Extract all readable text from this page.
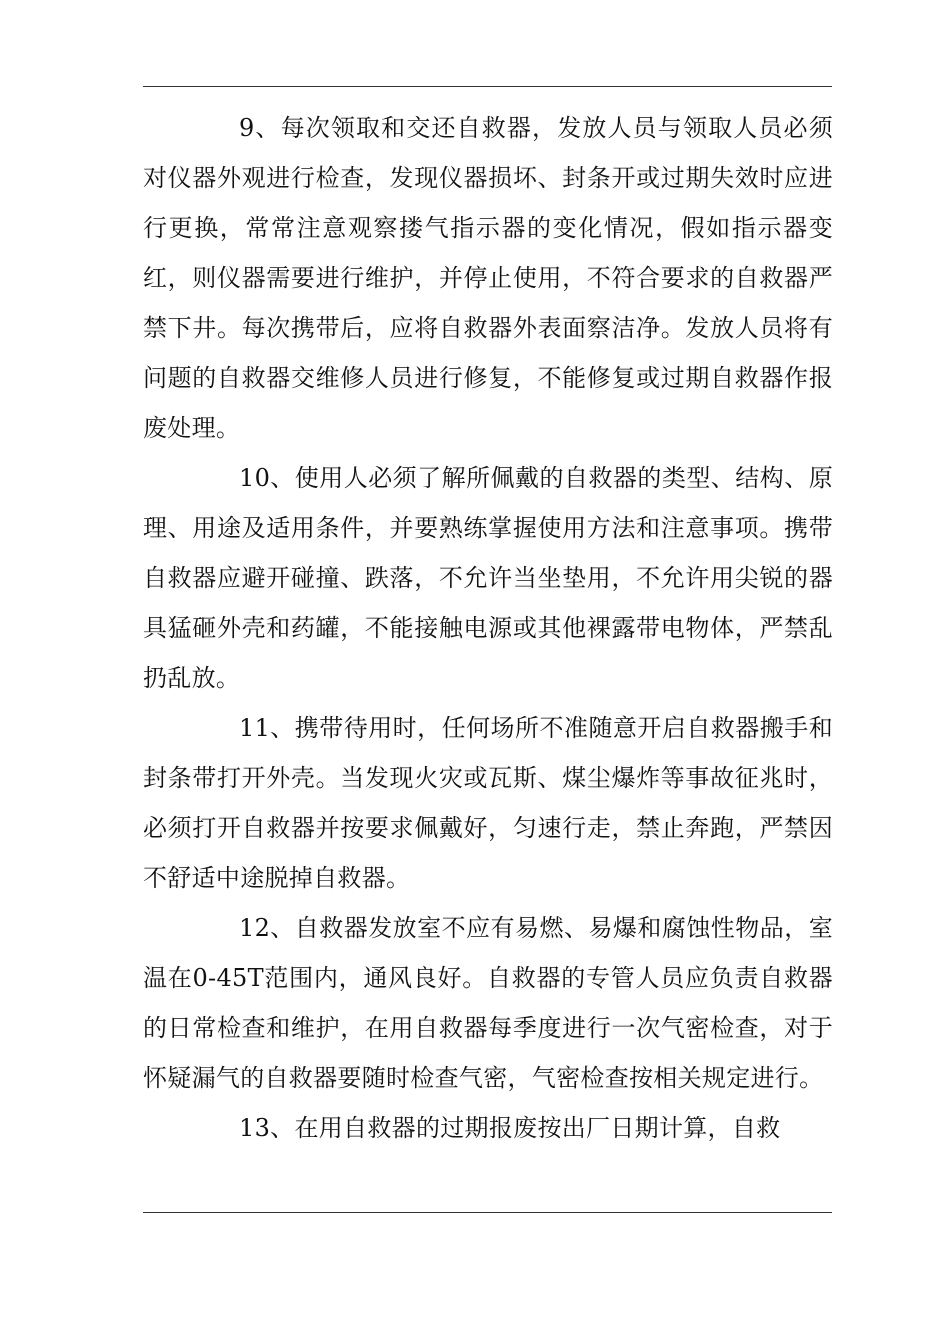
9、每次领取和交还自救器，发放人员与领取人员必须对仪器外观进行检查，发现仪器损坏、封条开或过期失效时应进行更换，常常注意观察搂气指示器的变化情况，假如指示器变红，则仪器需要进行维护，并停止使用，不符合要求的自救器严禁下井。每次携带后，应将自救器外表面察洁净。发放人员将有问题的自救器交维修人员进行修复，不能修复或过期自救器作报废处理。

10、使用人必须了解所佩戴的自救器的类型、结构、原理、用途及适用条件，并要熟练掌握使用方法和注意事项。携带自救器应避开碰撞、跌落，不允许当坐垫用，不允许用尖锐的器具猛砸外壳和药罐，不能接触电源或其他裸露带电物体，严禁乱扔乱放。

11、携带待用时，任何场所不准随意开启自救器搬手和封条带打开外壳。当发现火灾或瓦斯、煤尘爆炸等事故征兆时，必须打开自救器并按要求佩戴好，匀速行走，禁止奔跑，严禁因不舒适中途脱掉自救器。

12、自救器发放室不应有易燃、易爆和腐蚀性物品，室温在0-45T范围内，通风良好。自救器的专管人员应负责自救器的日常检查和维护，在用自救器每季度进行一次气密检查，对于怀疑漏气的自救器要随时检查气密，气密检查按相关规定进行。

13、在用自救器的过期报废按出厂日期计算，自救
